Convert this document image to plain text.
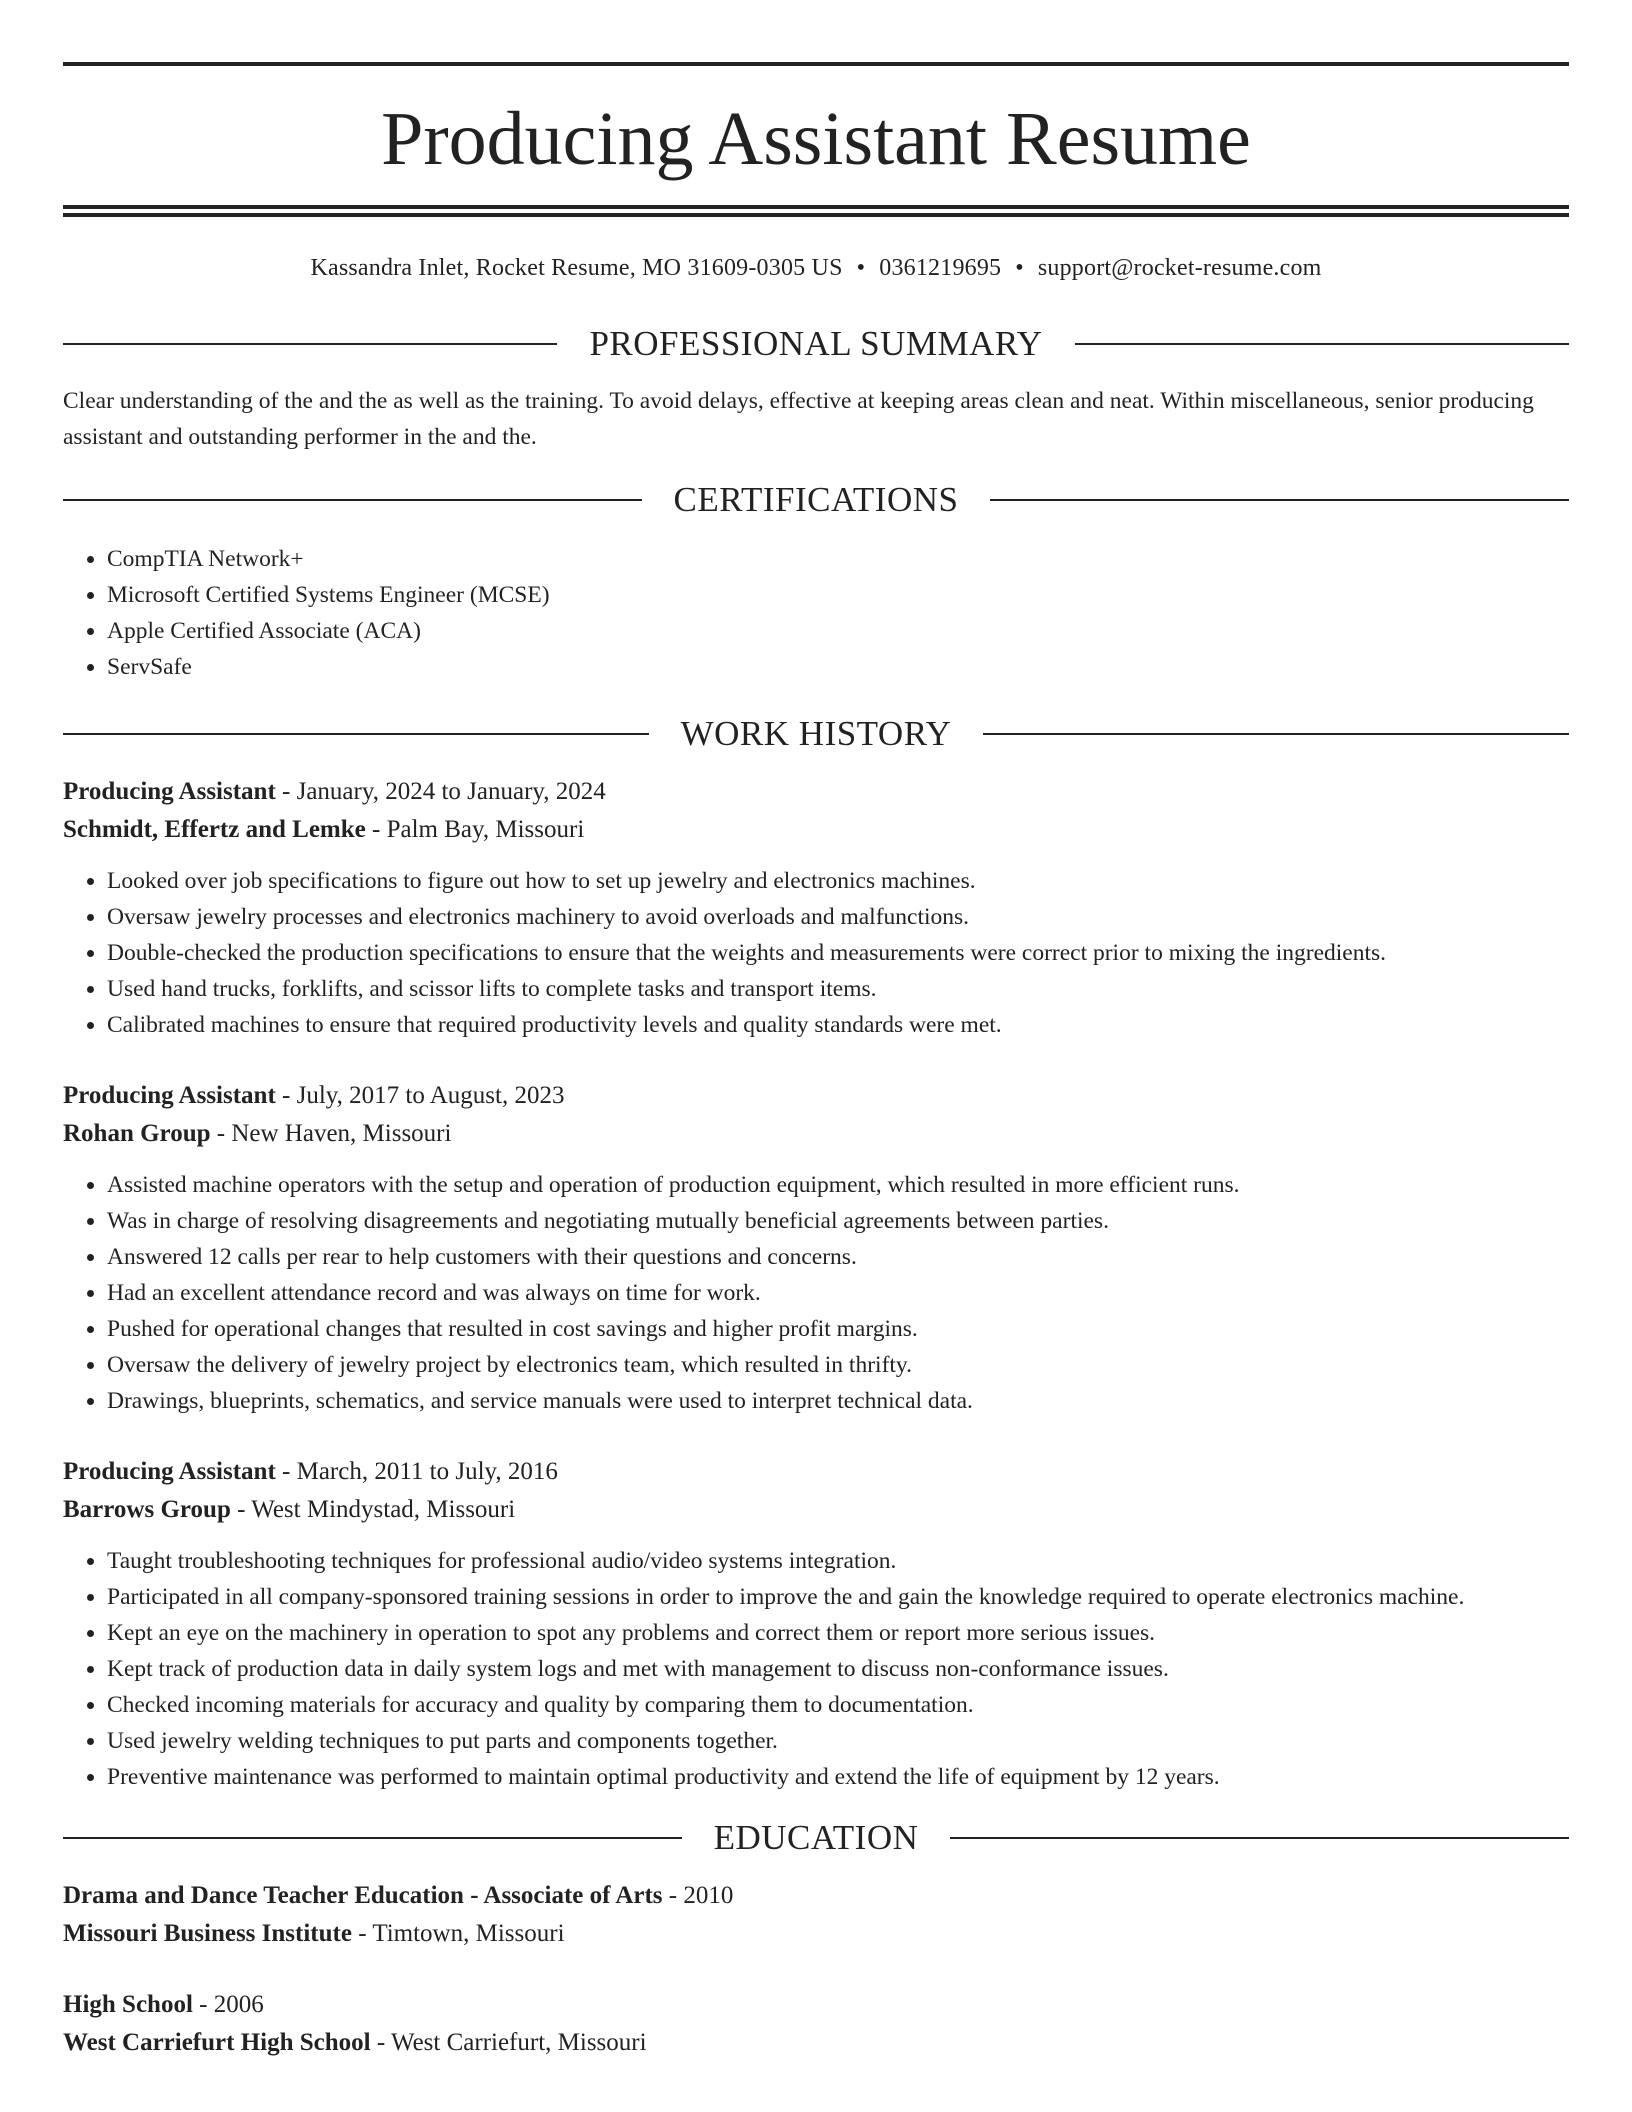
Producing Assistant Resume
Kassandra Inlet, Rocket Resume, MO 31609-0305 US • 0361219695 • support@rocket-resume.com
PROFESSIONAL SUMMARY

Clear understanding of the and the as well as the training. To avoid delays, effective at keeping areas clean and neat. Within miscellaneous, senior producing assistant and outstanding performer in the and the.

CERTIFICATIONS
• CompTIA Network+
• Microsoft Certified Systems Engineer (MCSE)
• Apple Certified Associate (ACA)
• ServSafe
WORK HISTORY

Producing Assistant - January, 2024 to January, 2024

Schmidt, Effertz and Lemke - Palm Bay, Missouri

• Looked over job specifications to figure out how to set up jewelry and electronics machines.
• Oversaw jewelry processes and electronics machinery to avoid overloads and malfunctions.
• Double-checked the production specifications to ensure that the weights and measurements were correct prior to mixing the ingredients.
• Used hand trucks, forklifts, and scissor lifts to complete tasks and transport items.
• Calibrated machines to ensure that required productivity levels and quality standards were met.

Producing Assistant - July, 2017 to August, 2023

Rohan Group - New Haven, Missouri

• Assisted machine operators with the setup and operation of production equipment, which resulted in more efficient runs.
• Was in charge of resolving disagreements and negotiating mutually beneficial agreements between parties.
• Answered 12 calls per rear to help customers with their questions and concerns.
• Had an excellent attendance record and was always on time for work.
• Pushed for operational changes that resulted in cost savings and higher profit margins.
• Oversaw the delivery of jewelry project by electronics team, which resulted in thrifty.
• Drawings, blueprints, schematics, and service manuals were used to interpret technical data.

Producing Assistant - March, 2011 to July, 2016

Barrows Group - West Mindystad, Missouri

• Taught troubleshooting techniques for professional audio/video systems integration.
• Participated in all company-sponsored training sessions in order to improve the and gain the knowledge required to operate electronics machine.
• Kept an eye on the machinery in operation to spot any problems and correct them or report more serious issues.
• Kept track of production data in daily system logs and met with management to discuss non-conformance issues.
• Checked incoming materials for accuracy and quality by comparing them to documentation.
• Used jewelry welding techniques to put parts and components together.
• Preventive maintenance was performed to maintain optimal productivity and extend the life of equipment by 12 years.
EDUCATION

Drama and Dance Teacher Education - Associate of Arts - 2010

Missouri Business Institute - Timtown, Missouri

High School - 2006

West Carriefurt High School - West Carriefurt, Missouri
